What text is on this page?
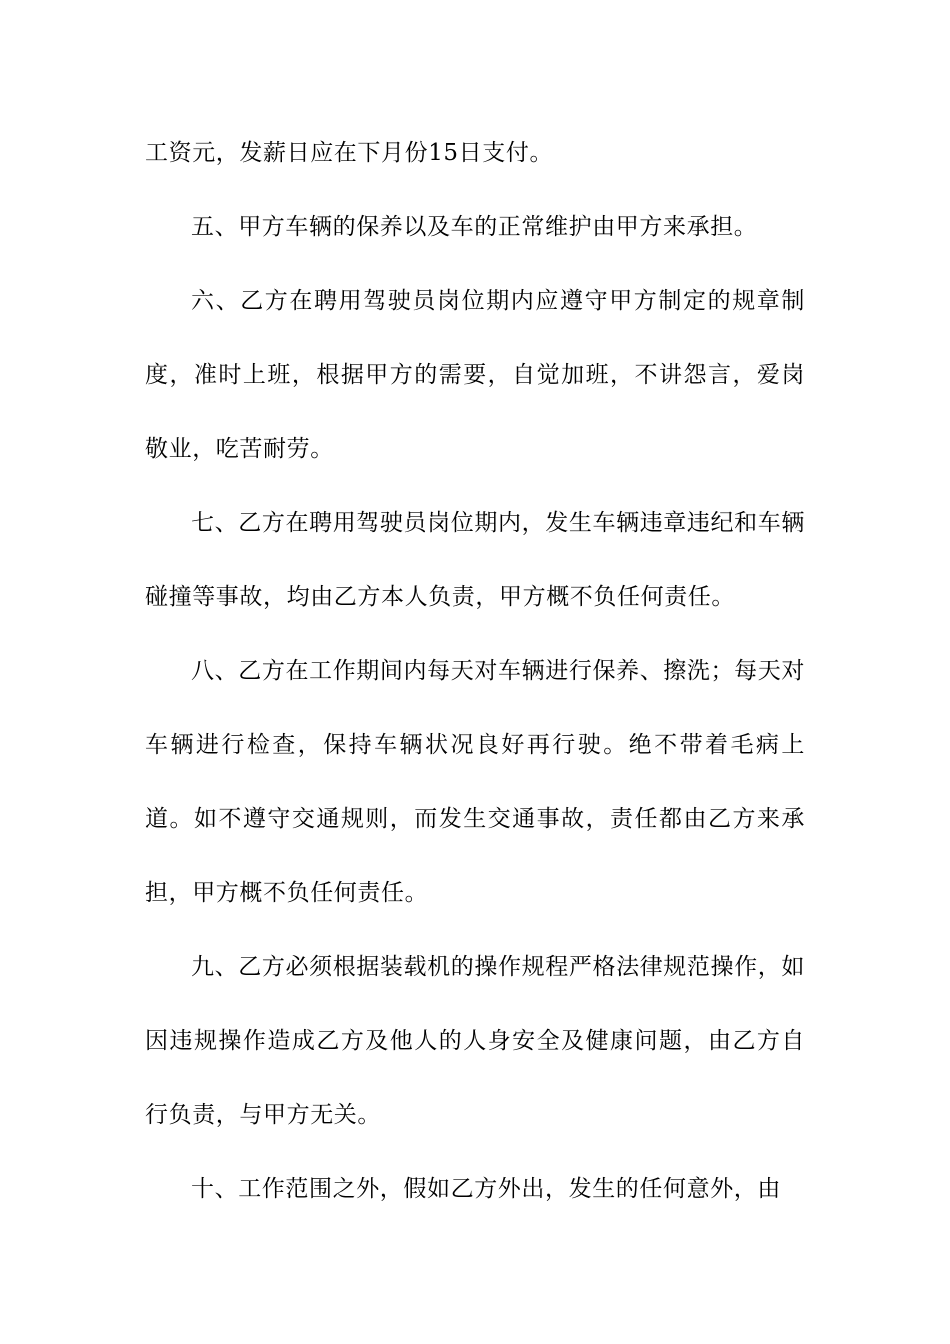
工资元，发薪日应在下月份15日支付。

五、甲方车辆的保养以及车的正常维护由甲方来承担。

六、乙方在聘用驾驶员岗位期内应遵守甲方制定的规章制度，准时上班，根据甲方的需要，自觉加班，不讲怨言，爱岗敬业，吃苦耐劳。

七、乙方在聘用驾驶员岗位期内，发生车辆违章违纪和车辆碰撞等事故，均由乙方本人负责，甲方概不负任何责任。

八、乙方在工作期间内每天对车辆进行保养、擦洗；每天对车辆进行检查，保持车辆状况良好再行驶。绝不带着毛病上道。如不遵守交通规则，而发生交通事故，责任都由乙方来承担，甲方概不负任何责任。

九、乙方必须根据装载机的操作规程严格法律规范操作，如因违规操作造成乙方及他人的人身安全及健康问题，由乙方自行负责，与甲方无关。

十、工作范围之外，假如乙方外出，发生的任何意外，由
